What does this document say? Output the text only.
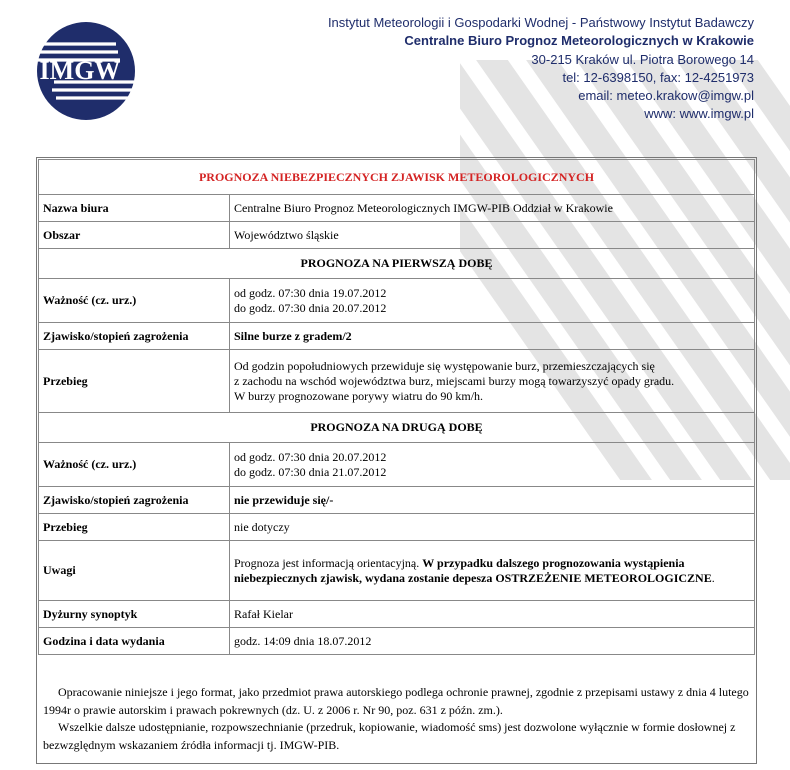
IMGW
Instytut Meteorologii i Gospodarki Wodnej - Państwowy Instytut Badawczy
Centralne Biuro Prognoz Meteorologicznych w Krakowie
30-215 Kraków ul. Piotra Borowego 14
tel: 12-6398150, fax: 12-4251973
email: meteo.krakow@imgw.pl
www: www.imgw.pl
PROGNOZA NIEBEZPIECZNYCH ZJAWISK METEOROLOGICZNYCH	
Nazwa biura	Centralne Biuro Prognoz Meteorologicznych IMGW-PIB Oddział w Krakowie
Obszar	Województwo śląskie
PROGNOZA NA PIERWSZĄ DOBĘ	
Ważność (cz. urz.)	od godz. 07:30 dnia 19.07.2012
do godz. 07:30 dnia 20.07.2012

Zjawisko/stopień zagrożenia	Silne burze z gradem/2
Przebieg	Od godzin popołudniowych przewiduje się występowanie burz, przemieszczających się
z zachodu na wschód województwa burz, miejscami burzy mogą towarzyszyć opady gradu.
W burzy prognozowane porywy wiatru do 90 km/h.

PROGNOZA NA DRUGĄ DOBĘ	
Ważność (cz. urz.)	od godz. 07:30 dnia 20.07.2012
do godz. 07:30 dnia 21.07.2012

Zjawisko/stopień zagrożenia	nie przewiduje się/-
Przebieg	nie dotyczy
Uwagi	Prognoza jest informacją orientacyjną. W przypadku dalszego prognozowania wystąpienia niebezpiecznych zjawisk, wydana zostanie depesza OSTRZEŻENIE METEOROLOGICZNE.
Dyżurny synoptyk	Rafał Kielar
Godzina i data wydania	godz. 14:09 dnia 18.07.2012

Opracowanie niniejsze i jego format, jako przedmiot prawa autorskiego podlega ochronie prawnej, zgodnie z przepisami ustawy z dnia 4 lutego 1994r o prawie autorskim i prawach pokrewnych (dz. U. z 2006 r. Nr 90, poz. 631 z późn. zm.).

Wszelkie dalsze udostępnianie, rozpowszechnianie (przedruk, kopiowanie, wiadomość sms) jest dozwolone wyłącznie w formie dosłownej z bezwzględnym wskazaniem źródła informacji tj. IMGW-PIB.
